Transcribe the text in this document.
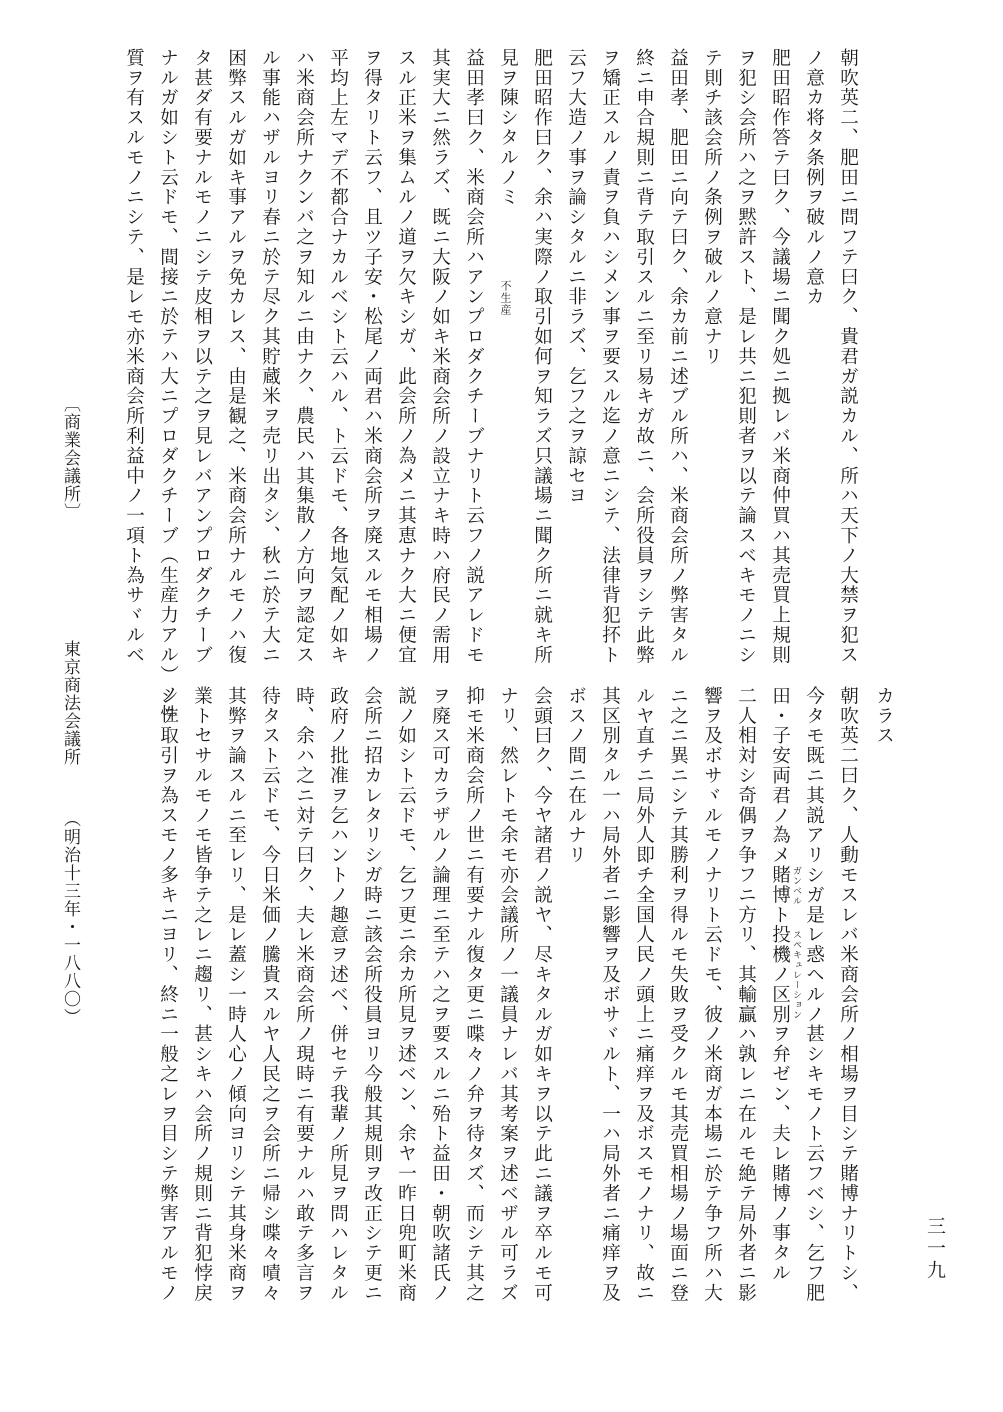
朝吹英二、肥田ニ問フテ曰ク、貴君ガ説カル、所ハ天下ノ大禁ヲ犯ス
ノ意カ将タ条例ヲ破ルノ意カ
肥田昭作答テ曰ク、今議場ニ聞ク処ニ拠レバ米商仲買ハ其売買上規則
ヲ犯シ会所ハ之ヲ黙許スト、是レ共ニ犯則者ヲ以テ論スベキモノニシ
テ則チ該会所ノ条例ヲ破ルノ意ナリ
益田孝、肥田ニ向テ曰ク、余カ前ニ述ブル所ハ、米商会所ノ弊害タル
終ニ申合規則ニ背テ取引スルニ至リ易キガ故ニ、会所役員ヲシテ此弊
ヲ矯正スルノ責ヲ負ハシメン事ヲ要スル迄ノ意ニシテ、法律背犯抔ト
云フ大造ノ事ヲ論シタルニ非ラズ、乞フ之ヲ諒セヨ
肥田昭作曰ク、余ハ実際ノ取引如何ヲ知ラズ只議場ニ聞ク所ニ就キ所
見ヲ陳シタルノミ
益田孝曰ク、米商会所ハアンプロダクチーブナリト云フノ説アレドモ
其実大ニ然ラズ、既ニ大阪ノ如キ米商会所ノ設立ナキ時ハ府民ノ需用
スル正米ヲ集ムルノ道ヲ欠キシガ、此会所ノ為メニ其恵ナク大ニ便宜
ヲ得タリト云フ、且ツ子安・松尾ノ両君ハ米商会所ヲ廃スルモ相場ノ
平均上左マデ不都合ナカルベシト云ハル、ト云ドモ、各地気配ノ如キ
ハ米商会所ナクンバ之ヲ知ルニ由ナク、農民ハ其集散ノ方向ヲ認定ス
ル事能ハザルヨリ春ニ於テ尽ク其貯蔵米ヲ売リ出タシ、秋ニ於テ大ニ
困弊スルガ如キ事アルヲ免カレス、由是観之、米商会所ナルモノハ復
タ甚ダ有要ナルモノニシテ皮相ヲ以テ之ヲ見レバアンプロダクチーブ
ナルガ如シト云ドモ、間接ニ於テハ大ニプロダクチーブ（生産力アル）ノ性
質ヲ有スルモノニシテ、是レモ亦米商会所利益中ノ一項ト為サヾルベ
カラス
朝吹英二曰ク、人動モスレバ米商会所ノ相場ヲ目シテ賭博ナリトシ、
今タモ既ニ其説アリシガ是レ惑ヘルノ甚シキモノト云フベシ、乞フ肥
田・子安両君ノ為メ賭博ト投機ノ区別ヲ弁ゼン、夫レ賭博ノ事タル
二人相対シ奇偶ヲ争フニ方リ、其輸贏ハ孰レニ在ルモ絶テ局外者ニ影
響ヲ及ボサヾルモノナリト云ドモ、彼ノ米商ガ本場ニ於テ争フ所ハ大
ニ之ニ異ニシテ其勝利ヲ得ルモ失敗ヲ受クルモ其売買相場ノ場面ニ登
ルヤ直チニ局外人即チ全国人民ノ頭上ニ痛痒ヲ及ボスモノナリ、故ニ
其区別タル一ハ局外者ニ影響ヲ及ボサヾルト、一ハ局外者ニ痛痒ヲ及
ボスノ間ニ在ルナリ
会頭曰ク、今ヤ諸君ノ説ヤ、尽キタルガ如キヲ以テ此ニ議ヲ卒ルモ可
ナリ、然レトモ余モ亦会議所ノ一議員ナレバ其考案ヲ述ベザル可ラズ
抑モ米商会所ノ世ニ有要ナル復タ更ニ喋々ノ弁ヲ待タズ、而シテ其之
ヲ廃ス可カラザルノ論理ニ至テハ之ヲ要スルニ殆ト益田・朝吹諸氏ノ
説ノ如シト云ドモ、乞フ更ニ余カ所見ヲ述ベン、余ヤ一昨日兜町米商
会所ニ招カレタリシガ時ニ該会所役員ヨリ今般其規則ヲ改正シテ更ニ
政府ノ批准ヲ乞ハントノ趣意ヲ述ベ、併セテ我輩ノ所見ヲ問ハレタル
時、余ハ之ニ対テ曰ク、夫レ米商会所ノ現時ニ有要ナルハ敢テ多言ヲ
待タスト云ドモ、今日米価ノ騰貴スルヤ人民之ヲ会所ニ帰シ喋々嘖々
其弊ヲ論スルニ至レリ、是レ蓋シ一時人心ノ傾向ヨリシテ其身米商ヲ
業トセサルモノモ皆争テ之レニ趨リ、甚シキハ会所ノ規則ニ背犯悖戻
シテ取引ヲ為スモノ多キニヨリ、終ニ一般之レヲ目シテ弊害アルモノ
不生産
ガンベル
スペキュレーション
〔商業会議所〕
東京商法会議所
（明治十三年・一八八〇）
三一九
